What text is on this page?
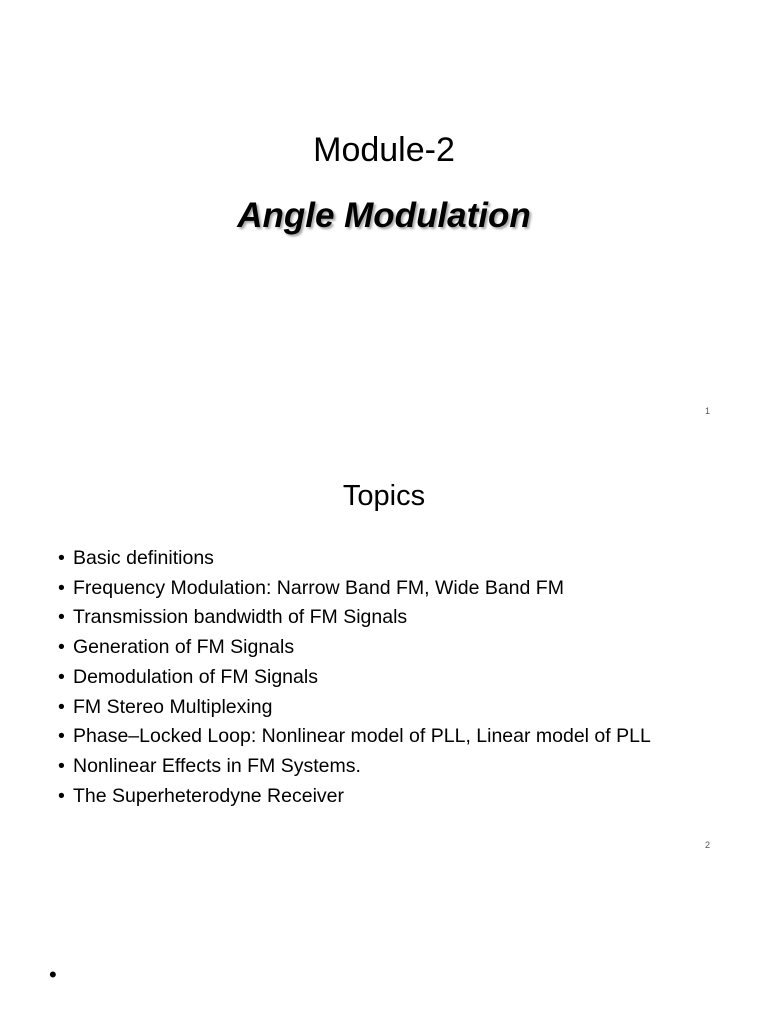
Module-2
Angle Modulation
1
Topics
• Basic definitions
• Frequency Modulation: Narrow Band FM, Wide Band FM
• Transmission bandwidth of FM Signals
• Generation of FM Signals
• Demodulation of FM Signals
• FM Stereo Multiplexing
• Phase–Locked Loop: Nonlinear model of PLL, Linear model of PLL
• Nonlinear Effects in FM Systems.
• The Superheterodyne Receiver
2
•
